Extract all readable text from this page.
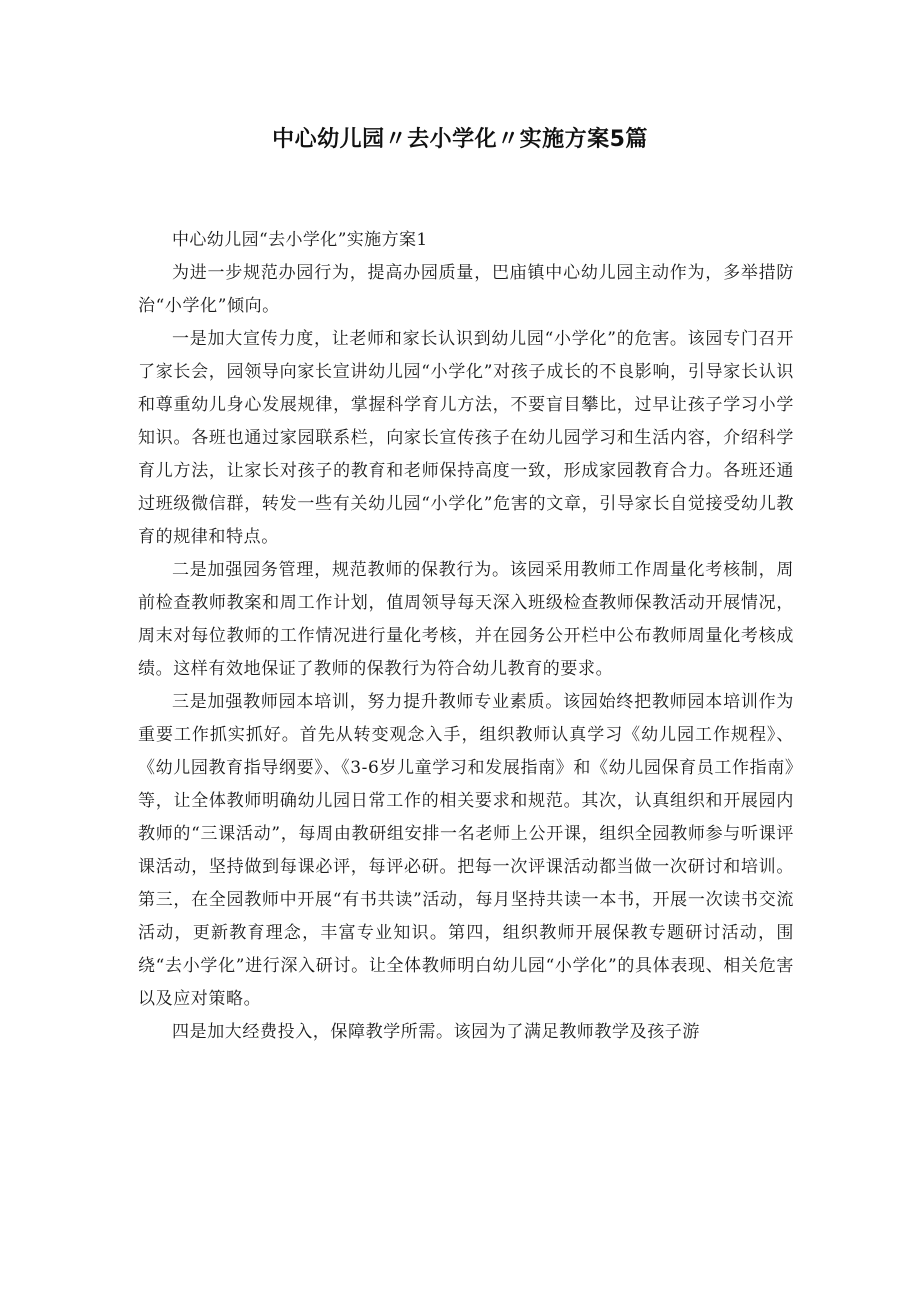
中心幼儿园〃去小学化〃实施方案5篇

中心幼儿园“去小学化”实施方案1

为进一步规范办园行为，提高办园质量，巴庙镇中心幼儿园主动作为，多举措防治“小学化”倾向。

一是加大宣传力度，让老师和家长认识到幼儿园“小学化”的危害。该园专门召开了家长会，园领导向家长宣讲幼儿园“小学化”对孩子成长的不良影响，引导家长认识和尊重幼儿身心发展规律，掌握科学育儿方法，不要盲目攀比，过早让孩子学习小学知识。各班也通过家园联系栏，向家长宣传孩子在幼儿园学习和生活内容，介绍科学育儿方法，让家长对孩子的教育和老师保持高度一致，形成家园教育合力。各班还通过班级微信群，转发一些有关幼儿园“小学化”危害的文章，引导家长自觉接受幼儿教育的规律和特点。

二是加强园务管理，规范教师的保教行为。该园采用教师工作周量化考核制，周前检查教师教案和周工作计划，值周领导每天深入班级检查教师保教活动开展情况，周末对每位教师的工作情况进行量化考核，并在园务公开栏中公布教师周量化考核成绩。这样有效地保证了教师的保教行为符合幼儿教育的要求。

三是加强教师园本培训，努力提升教师专业素质。该园始终把教师园本培训作为重要工作抓实抓好。首先从转变观念入手，组织教师认真学习《幼儿园工作规程》、《幼儿园教育指导纲要》、《3-6岁儿童学习和发展指南》和《幼儿园保育员工作指南》等，让全体教师明确幼儿园日常工作的相关要求和规范。其次，认真组织和开展园内教师的“三课活动”，每周由教研组安排一名老师上公开课，组织全园教师参与听课评课活动，坚持做到每课必评，每评必研。把每一次评课活动都当做一次研讨和培训。第三，在全园教师中开展“有书共读”活动，每月坚持共读一本书，开展一次读书交流活动，更新教育理念，丰富专业知识。第四，组织教师开展保教专题研讨活动，围绕“去小学化”进行深入研讨。让全体教师明白幼儿园“小学化”的具体表现、相关危害以及应对策略。

四是加大经费投入，保障教学所需。该园为了满足教师教学及孩子游
